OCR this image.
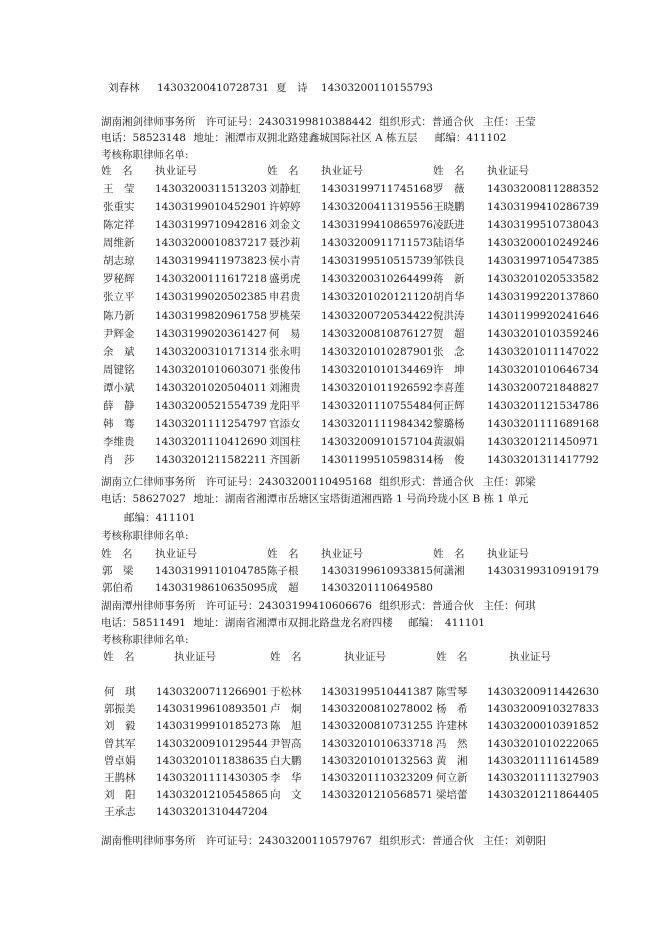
刘春林 14303200410728731 夏　诗 14303200110155793
湖南湘剑律师事务所 许可证号：24303199810388442 组织形式：普通合伙 主任：王莹
电话：58523148 地址：湘潭市双拥北路建鑫城国际社区 A 栋五层 邮编：411102
考核称职律师名单:
姓　名 执业证号	姓　名 执业证号	姓　名 执业证号
王　莹 14303200311513203 刘静虹 14303199711745168 罗　薇 14303200811288352
张重实 14303199010452901 许婷婷 14303200411319556 王晓鹏 14303199410286739
陈定祥 14303199710942816 刘金文 14303199410865976 凌跃进 14303199510738043
周维新 14303200010837217 聂沙莉 14303200911711573 陆语华 14303200010249246
胡志琼 14303199411973823 侯小青 14303199510515739 邹铁良 14303199710547385
罗秘辉 14303200111617218 盛勇虎 14303200310264499 蒋　新 14303201020533582
张立平 14303199020502385 申君贵 14303201020121120 胡肖华 14303199220137860
陈乃新 14303199820961758 罗桃荣 14303200720534422 倪洪涛 14301199920241646
尹辉金 14303199020361427 何　易 14303200810876127 贺　超 14303201010359246
余　斌 14303200310171314 张永明 14303201010287901 张　念 14303201011147022
周键铭 14303201010603071 张俊伟 14303201010134469 许　坤 14303201010646734
谭小斌 14303201020504011 刘湘贵 14303201011926592 李喜莲 14303200721848827
薛　静 14303200521554739 龙阳平 14303201110755484 何正辉 14303201121534786
韩　骞 14303201111254797 官添女 14303201111984342 黎璐杨 14303201111689168
李维贵 14303201110412690 刘国柱 14303200910157104 黄淑娟 14303201211450971
肖　莎 14303201211582211 齐国新 14301199510598314 杨　俊 14303201311417792
湖南立仁律师事务所 许可证号：24303200110495168 组织形式：普通合伙 主任：郭梁
电话：58627027 地址：湖南省湘潭市岳塘区宝塔街道湘西路 1 号尚玲珑小区 B 栋 1 单元
邮编：411101
考核称职律师名单:
姓　名 执业证号	姓　名 执业证号	姓　名 执业证号
郭　梁 14303199110104785 陈子根 14303199610933815 何潇湘 14303199310919179
郭伯希 14303198610635095 成　超 14303201110649580
湖南潭州律师事务所 许可证号：24303199410606676 组织形式：普通合伙 主任：何琪
电话：58511491 地址：湖南省湘潭市双拥北路盘龙名府四楼 邮编：　411101
考核称职律师名单:
姓　名	执业证号	姓　名	执业证号	姓　名	执业证号
何　琪 14303200711266901 于松林 14303199510441387 陈雪琴 14303200911442630
郭振美 14303199610893501 卢　炯 14303200810278002 杨　希 14303200910327833
刘　毅 14303199910185273 陈　旭 14303200810731255 许建林 14303200010391852
曾其军 14303200910129544 尹智高 14303201010633718 冯　然 14303201010222065
曾卓娟 14303201011838635 白大鹏 14303201010132563 黄　湘 14303201111614589
王鹊林 14303201111430305 李　华 14303201110323209 何立新 14303201111327903
刘　阳 14303201210545865 向　文 14303201210568571 梁培蕾 14303201211864405
王承志 14303201310447204
湖南惟明律师事务所 许可证号：24303200110579767 组织形式：普通合伙 主任：刘朝阳
